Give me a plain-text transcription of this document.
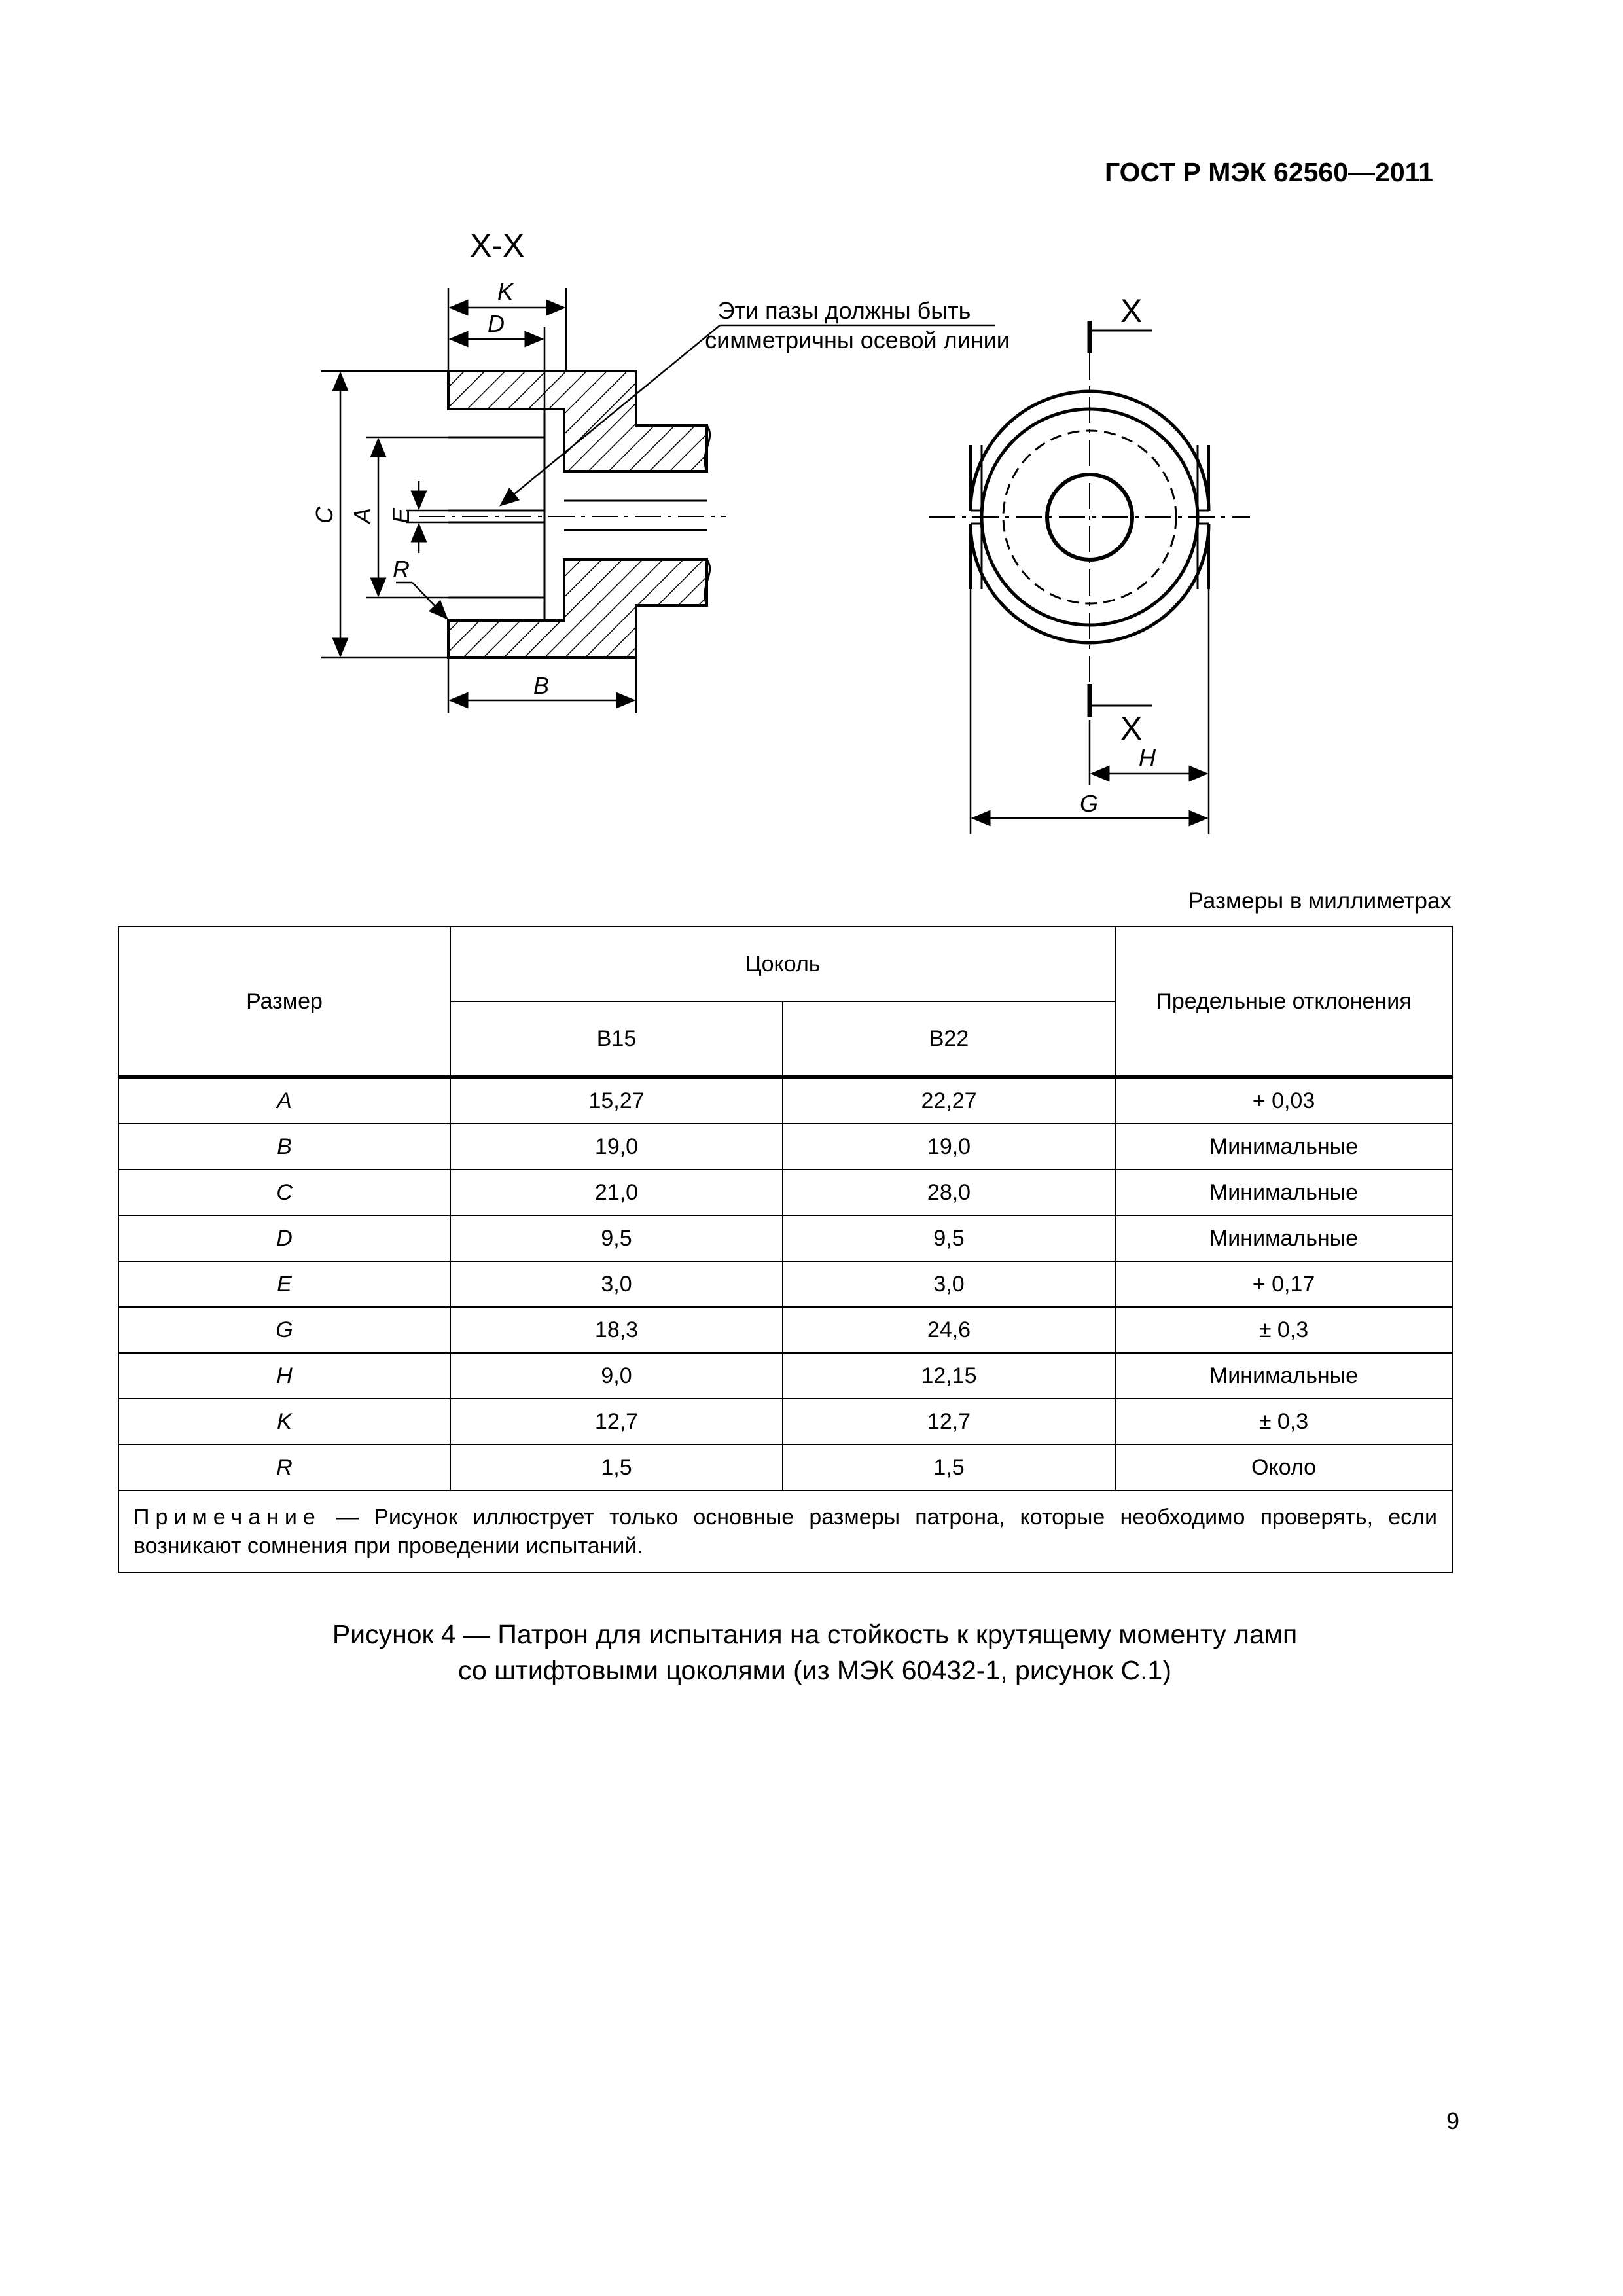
ГОСТ Р МЭК 62560—2011
X-X
K
D
C A E
R
B
Эти пазы должны быть
симметричны осевой линии
X
X
H
G
Размеры в миллиметрах
Размер	Цоколь		Предельные отклонения
	B15	B22	
A	15,27	22,27	+ 0,03
B	19,0	19,0	Минимальные
C	21,0	28,0	Минимальные
D	9,5	9,5	Минимальные
E	3,0	3,0	+ 0,17
G	18,3	24,6	± 0,3
H	9,0	12,15	Минимальные
K	12,7	12,7	± 0,3
R	1,5	1,5	Около
Примечание — Рисунок иллюструет только основные размеры патрона, которые необходимо проверять, если возникают сомнения при проведении испытаний.			
Рисунок 4 — Патрон для испытания на стойкость к крутящему моменту ламп
со штифтовыми цоколями (из МЭК 60432-1, рисунок C.1)
9
